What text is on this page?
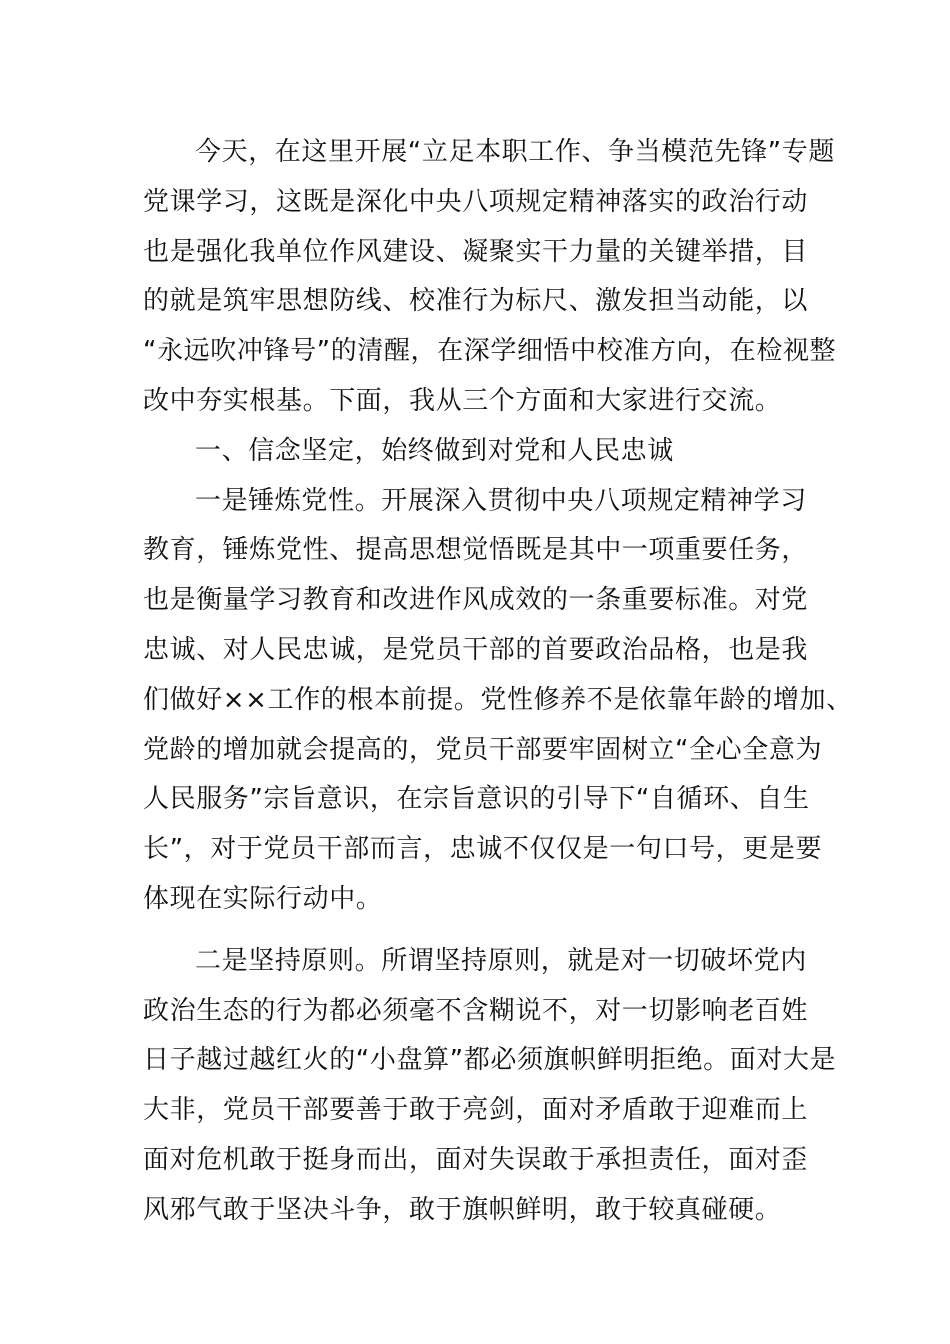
今天，在这里开展“立足本职工作、争当模范先锋”专题
党课学习，这既是深化中央八项规定精神落实的政治行动
也是强化我单位作风建设、凝聚实干力量的关键举措，目
的就是筑牢思想防线、校准行为标尺、激发担当动能，以
“永远吹冲锋号”的清醒，在深学细悟中校准方向，在检视整
改中夯实根基。下面，我从三个方面和大家进行交流。
一、信念坚定，始终做到对党和人民忠诚
一是锤炼党性。开展深入贯彻中央八项规定精神学习
教育，锤炼党性、提高思想觉悟既是其中一项重要任务，
也是衡量学习教育和改进作风成效的一条重要标准。对党
忠诚、对人民忠诚，是党员干部的首要政治品格，也是我
们做好××工作的根本前提。党性修养不是依靠年龄的增加、
党龄的增加就会提高的，党员干部要牢固树立“全心全意为
人民服务”宗旨意识，在宗旨意识的引导下“自循环、自生
长”，对于党员干部而言，忠诚不仅仅是一句口号，更是要
体现在实际行动中。
二是坚持原则。所谓坚持原则，就是对一切破坏党内
政治生态的行为都必须毫不含糊说不，对一切影响老百姓
日子越过越红火的“小盘算”都必须旗帜鲜明拒绝。面对大是
大非，党员干部要善于敢于亮剑，面对矛盾敢于迎难而上
面对危机敢于挺身而出，面对失误敢于承担责任，面对歪
风邪气敢于坚决斗争，敢于旗帜鲜明，敢于较真碰硬。
